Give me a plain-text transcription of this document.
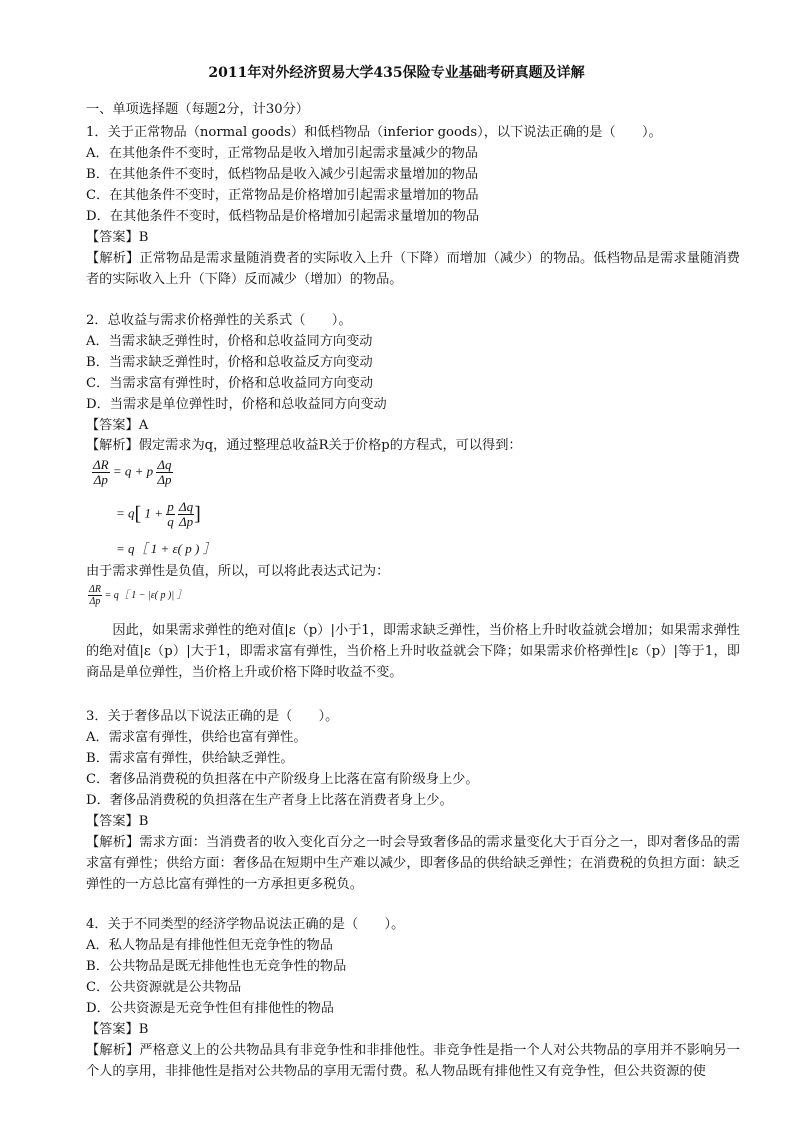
2011年对外经济贸易大学435保险专业基础考研真题及详解
一、单项选择题（每题2分，计30分）
1．关于正常物品（normal goods）和低档物品（inferior goods），以下说法正确的是（　　）。
A．在其他条件不变时，正常物品是收入增加引起需求量减少的物品
B．在其他条件不变时，低档物品是收入减少引起需求量增加的物品
C．在其他条件不变时，正常物品是价格增加引起需求量增加的物品
D．在其他条件不变时，低档物品是价格增加引起需求量增加的物品
【答案】B
【解析】正常物品是需求量随消费者的实际收入上升（下降）而增加（减少）的物品。低档物品是需求量随消费者的实际收入上升（下降）反而减少（增加）的物品。
2．总收益与需求价格弹性的关系式（　　）。
A．当需求缺乏弹性时，价格和总收益同方向变动
B．当需求缺乏弹性时，价格和总收益反方向变动
C．当需求富有弹性时，价格和总收益同方向变动
D．当需求是单位弹性时，价格和总收益同方向变动
【答案】A
【解析】假定需求为q，通过整理总收益R关于价格p的方程式，可以得到：
$\frac{\Delta R}{\Delta p} = q + p \frac{\Delta q}{\Delta p}$
= q[ $1 + \frac{p}{q}$
$\frac{\Delta q}{\Delta p}$ ]
= q［ 1 + ε( p ) ］
由于需求弹性是负值，所以，可以将此表达式记为：
$\frac{\Delta R}{\Delta p}$ = q［ 1 − |ε( p )| ］
因此，如果需求弹性的绝对值|ε（p）|小于1，即需求缺乏弹性，当价格上升时收益就会增加；如果需求弹性的绝对值|ε（p）|大于1，即需求富有弹性，当价格上升时收益就会下降；如果需求价格弹性|ε（p）|等于1，即商品是单位弹性，当价格上升或价格下降时收益不变。
3．关于奢侈品以下说法正确的是（　　）。
A．需求富有弹性，供给也富有弹性。
B．需求富有弹性，供给缺乏弹性。
C．奢侈品消费税的负担落在中产阶级身上比落在富有阶级身上少。
D．奢侈品消费税的负担落在生产者身上比落在消费者身上少。
【答案】B
【解析】需求方面：当消费者的收入变化百分之一时会导致奢侈品的需求量变化大于百分之一，即对奢侈品的需求富有弹性；供给方面：奢侈品在短期中生产难以减少，即奢侈品的供给缺乏弹性；在消费税的负担方面：缺乏弹性的一方总比富有弹性的一方承担更多税负。
4．关于不同类型的经济学物品说法正确的是（　　）。
A．私人物品是有排他性但无竞争性的物品
B．公共物品是既无排他性也无竞争性的物品
C．公共资源就是公共物品
D．公共资源是无竞争性但有排他性的物品
【答案】B
【解析】严格意义上的公共物品具有非竞争性和非排他性。非竞争性是指一个人对公共物品的享用并不影响另一个人的享用，非排他性是指对公共物品的享用无需付费。私人物品既有排他性又有竞争性，但公共资源的使
